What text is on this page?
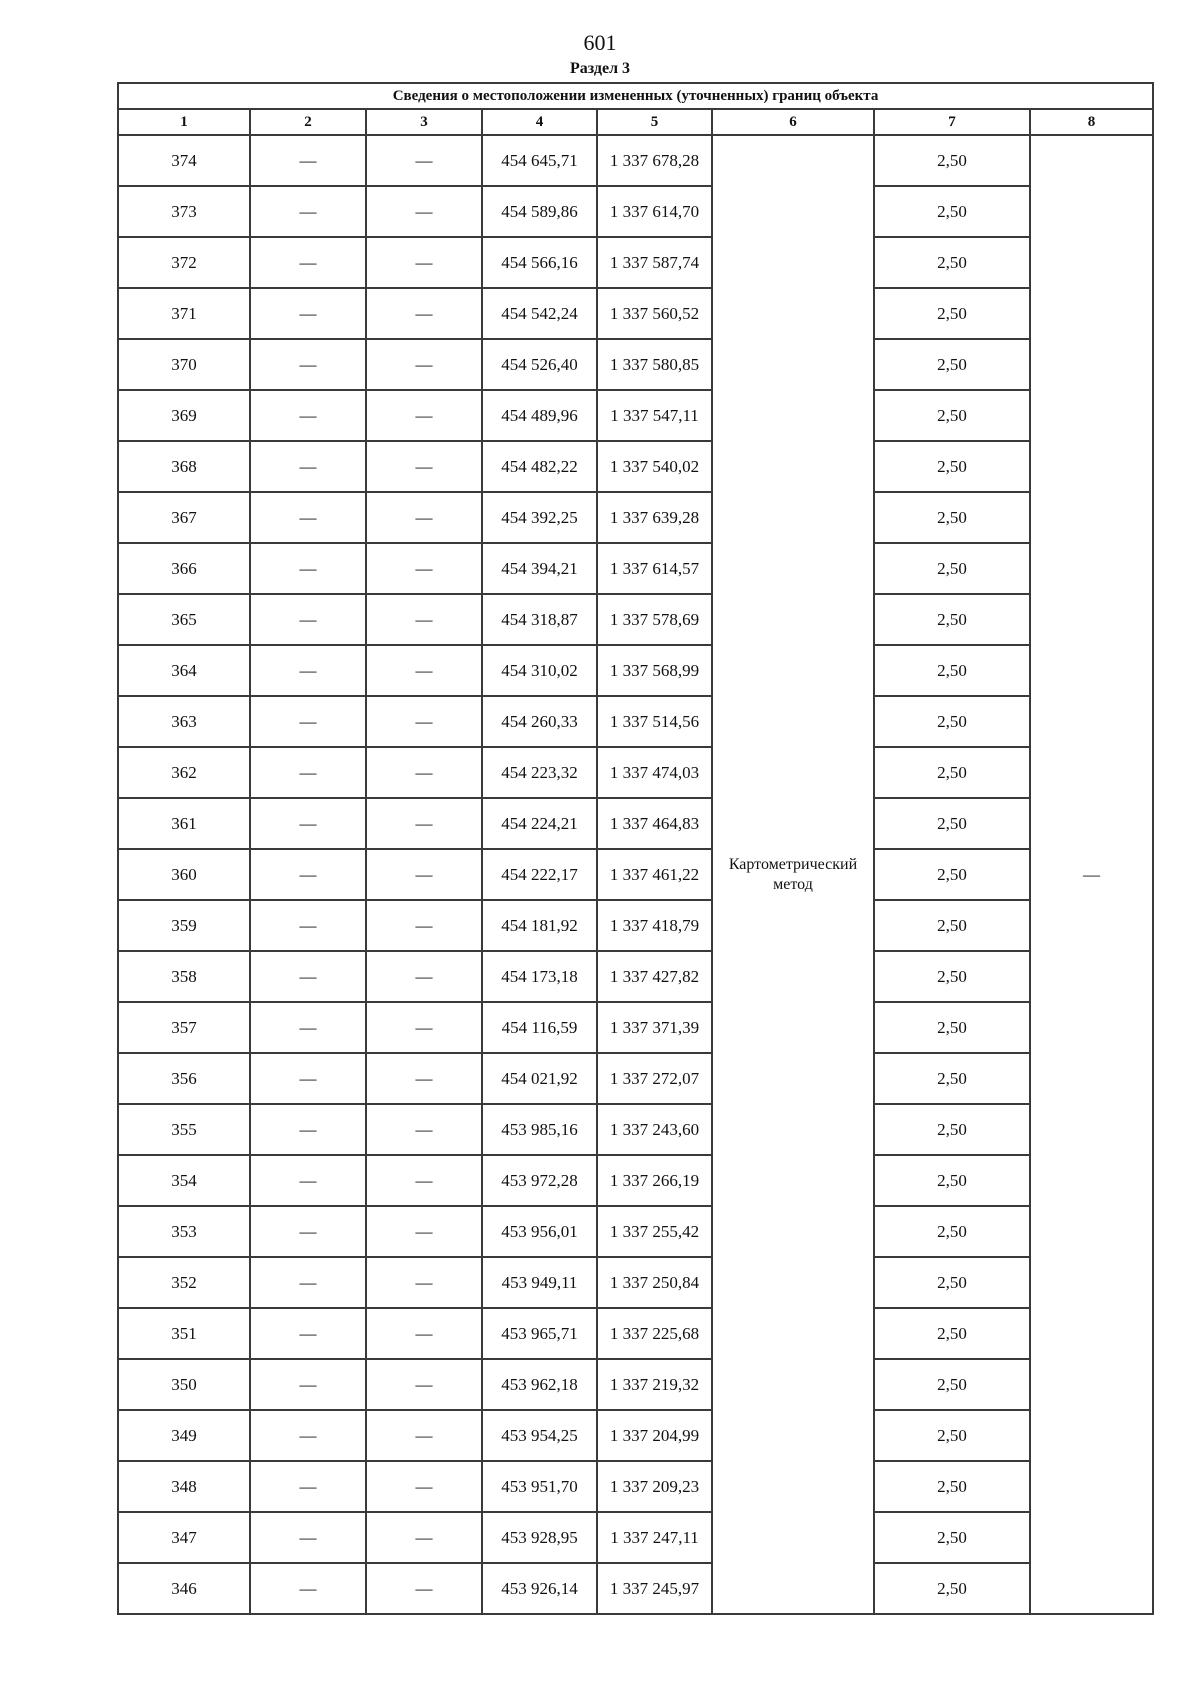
601
Раздел 3
Сведения о местоположении измененных (уточненных) границ объекта							
1	2	3	4	5	6	7	8
374	—	—	454 645,71	1 337 678,28	Картометрический метод	2,50	—
373	—	—	454 589,86	1 337 614,70		2,50	
372	—	—	454 566,16	1 337 587,74		2,50	
371	—	—	454 542,24	1 337 560,52		2,50	
370	—	—	454 526,40	1 337 580,85		2,50	
369	—	—	454 489,96	1 337 547,11		2,50	
368	—	—	454 482,22	1 337 540,02		2,50	
367	—	—	454 392,25	1 337 639,28		2,50	
366	—	—	454 394,21	1 337 614,57		2,50	
365	—	—	454 318,87	1 337 578,69		2,50	
364	—	—	454 310,02	1 337 568,99		2,50	
363	—	—	454 260,33	1 337 514,56		2,50	
362	—	—	454 223,32	1 337 474,03		2,50	
361	—	—	454 224,21	1 337 464,83		2,50	
360	—	—	454 222,17	1 337 461,22		2,50	
359	—	—	454 181,92	1 337 418,79		2,50	
358	—	—	454 173,18	1 337 427,82		2,50	
357	—	—	454 116,59	1 337 371,39		2,50	
356	—	—	454 021,92	1 337 272,07		2,50	
355	—	—	453 985,16	1 337 243,60		2,50	
354	—	—	453 972,28	1 337 266,19		2,50	
353	—	—	453 956,01	1 337 255,42		2,50	
352	—	—	453 949,11	1 337 250,84		2,50	
351	—	—	453 965,71	1 337 225,68		2,50	
350	—	—	453 962,18	1 337 219,32		2,50	
349	—	—	453 954,25	1 337 204,99		2,50	
348	—	—	453 951,70	1 337 209,23		2,50	
347	—	—	453 928,95	1 337 247,11		2,50	
346	—	—	453 926,14	1 337 245,97		2,50	
